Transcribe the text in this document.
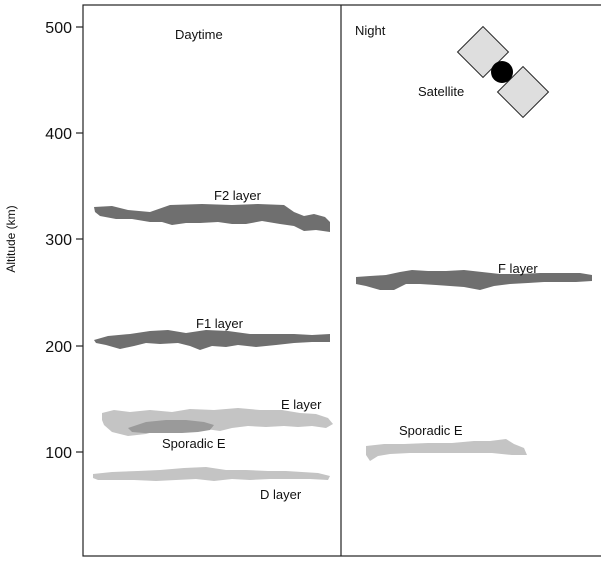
100
200
300
400
500
Altitude (km)
Daytime	Night
F2 layer
F1 layer
E layer
Sporadic E
D layer
F layer
Sporadic E
Satellite
